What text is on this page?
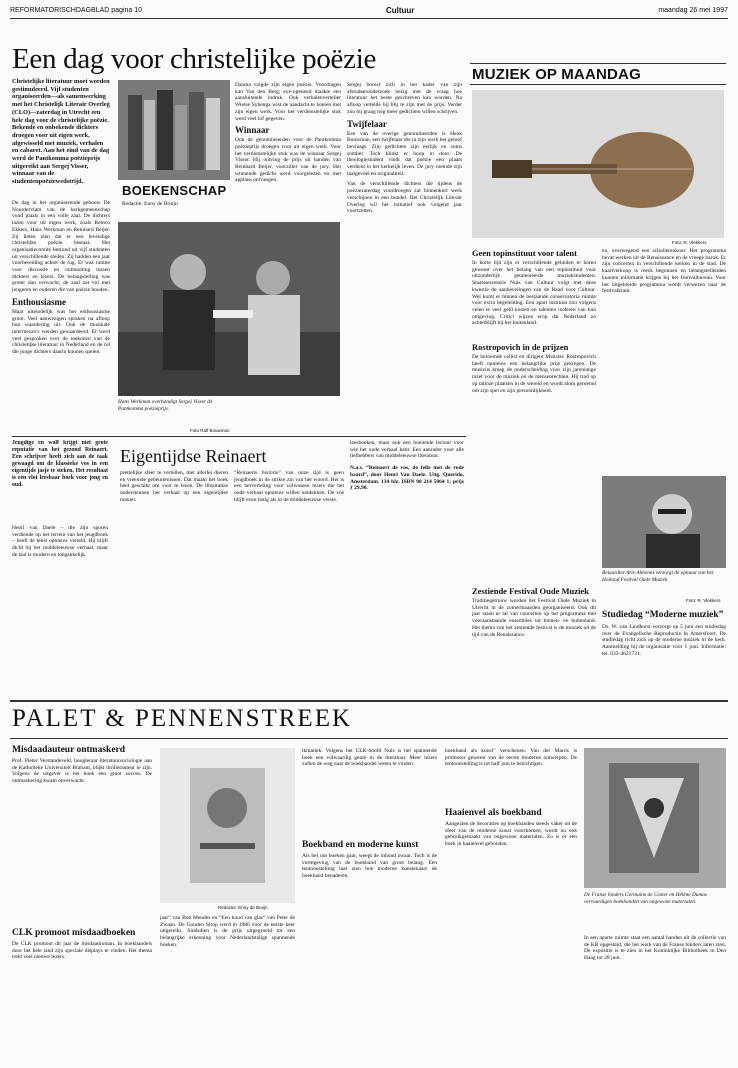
REFORMATORISCHDAGBLAD pagina 10	Cultuur	maandag 26 mei 1997
Een dag voor christelijke poëzie

Christelijke literatuur moet worden gestimuleerd. Vijf studenten organiseerden—als samenwerking met het Christelijk Literair Overleg (CLO)—zaterdag in Utrecht een hele dag voor de christelijke poëzie. Bekende en onbekende dichters droegen voor uit eigen werk, afgewisseld met muziek, verhalen en cabaret. Aan het eind van de dag werd de Pantkomma poëzieprijs uitgereikt aan Sergej Visser, winnaar van de studentenpoëziewedstrijd.

De dag in het organiserende gebouw De Noordervlam van de kerkgemeenschap vond plaats in een volle zaal. De dichters lazen voor uit eigen werk, zoals Remco Ekkers, Hans Werkman en Reinhard Beijer. Zij lieten zien dat er een levendige christelijke poëzie bestaat. Het organisatiecomité bestond uit vijf studenten uit verschillende steden. Zij hadden een jaar voorbereiding achter de rug. Er was ruimte voor discussie en ontmoeting tussen dichters en lezers. De belangstelling was groter dan verwacht; de zaal zat vol met jongeren en ouderen die van poëzie houden.
Enthousiasme
Maar uiteindelijk was het enthousiasme groot. Veel aanwezigen spraken na afloop hun waardering uit. Ook de muzikale intermezzo's werden gewaardeerd. Er werd veel gesproken over de toekomst van de christelijke literatuur in Nederland en de rol die jonge dichters daarin kunnen spelen.
BOEKENSCHAP
Redactie: Enny de Bruijn
Daarna volgde zijn eigen poëzie. Voordragen kan Van den Berg; eye-openend maakte een aansluitende indruk. Ook verhalenverteller Wietse Sybenga wist de aandacht te boeien met zijn eigen werk. Voor het verdienstelijke stuk werd veel lof gegeven.
Winnaar
Ook de genomineerden voor de Pantkomma poëzieprijs droegen voor uit eigen werk. Voor het verdienstelijke stuk was de winnaar Sergej Visser. Hij ontving de prijs uit handen van Reinhard Beijer, voorzitter van de jury. Het winnende gedicht werd voorgelezen en met applaus ontvangen.
Sergej bouwt zich in het kader van zijn afstudeeronderzoek bezig met de vraag hoe literatuur het beste geschreven kan worden. Na afloop vertelde hij blij te zijn met de prijs. Verder zou hij graag nog meer gedichten willen schrijven.
Twijfelaar
Een van de overige genomineerden is Henk Bouwman, een twijfelaar die in zijn werk het geloof bevraagt. Zijn gedichten zijn eerlijk en soms somber. Toch klinkt er hoop in door. De theologiestudent vindt dat poëzie een plaats verdient in het kerkelijk leven. De jury roemde zijn taalgevoel en originaliteit.

Van de verschillende dichters die tijdens de poëziezaterdag voordroegen zal binnenkort werk verschijnen in een bundel. Het Christelijk Literair Overleg wil het initiatief ook volgend jaar voortzetten.

Hans Werkman overhandigt Sergej Visser de Pantkomma poëzieprijs.

Foto Ralf Bouwman
MUZIEK OP MAANDAG
Foto: R. Vlekkers
Geen topinstituut voor talent
In korte tijd zijn er verschillende geluiden te horen geweest over het belang van een topinstituut voor uitzonderlijk getalenteerde muziekstudenten. Staatssecretaris Nuis van Cultuur volgt met deze kwestie de aanbevelingen van de Raad voor Cultuur. Wel komt er binnen de bestaande conservatoria ruimte voor extra begeleiding. Een apart instituut zou volgens velen te veel geld kosten en talenten isoleren van hun omgeving. Critici wijzen erop dat Nederland zo achterblijft bij het buitenland.
Rostropovich in de prijzen
De beroemde cellist en dirigent Mstislav Rostropovich heeft opnieuw een belangrijke prijs gekregen. De musicus kreeg de onderscheiding voor zijn jarenlange inzet voor de muziek en de mensenrechten. Hij trad op op talloze plaatsen in de wereld en wordt alom geroemd om zijn spel en zijn persoonlijkheid.
Zestiende Festival Oude Muziek
Traditiegetrouw worden het Festival Oude Muziek in Utrecht in de zomermaanden georganiseerd. Ook dit jaar staan er tal van concerten op het programma met vooraanstaande ensembles uit binnen- en buitenland. Het thema van het zestiende festival is de muziek uit de tijd van de Renaissance.
en, overwegend een scholierenkoor. Het programma bevat werken uit de Renaissance en de vroege barok. Er zijn concerten in verschillende kerken in de stad. De kaartverkoop is reeds begonnen en belangstellenden kunnen informatie krijgen bij het festivalbureau. Voor het uitgebreide programma wordt verwezen naar de festivalkrant.

Beiaardier Arie Abbenes verzorgt de opmaat van het Holland Festival Oude Muziek.

Foto: R. Vlekkers
Studiedag “Moderne muziek”
Ds. W. van Lindhorst verzorgt op 5 juni een studiedag over de Evangelische Reproductie in Amersfoort. De studiedag richt zich op de moderne muziek in de kerk. Aanmelding bij de organisatie voor 1 juni. Informatie: tel. 033-4621731.

Jeugdige en wolf krijgt niet grote reputatie van het gezond Reinaert. Een schrijver heeft zich aan de taak gewaagd om de klassieke vos in een eigentijds jasje te steken. Het resultaat is een vlot leesbaar boek voor jong en oud.

Eigentijdse Reinaert
Henri van Daele – die zijn sporen verdiende op het terrein van het jeugdboek – heeft de tekst opnieuw verteld. Hij blijft dicht bij het middeleeuwse verhaal, maar de taal is modern en toegankelijk.
prettelijke sfeer te vertellen, met allerlei dieren en vreemde gebeurtenissen. Dat maakt het boek heel geschikt om voor te lezen. De illustraties ondersteunen het verhaal op een eigentijdse manier.
“Reinaerts historie” van onze tijd is geen jeugdboek in de strikte zin van het woord. Het is een herverteling voor volwassen lezers die het oude verhaal opnieuw willen ontdekken. De vos blijft even listig als in de middeleeuwse versie.
leesboeken, maar ook een boeiende lectuur voor wie het oude verhaal kent. Een aanrader voor alle liefhebbers van middeleeuwse literatuur.

N.a.v. “Reinaert de vos, de felle met de rode baard”, door Henri Van Daele. Uitg. Querido, Amsterdam. 134 blz. ISBN 90 214 5064 1; prijs ƒ 29,90.

PALET & PENNENSTREEK
Misdaadauteur ontmaskerd
Prof. Pieter Verstandeveld, hoogleraar literatuursociologie aan de Katholieke Universiteit Brabant, blijkt thrillerauteur te zijn. Volgens de uitgever is het boek een groot succes. De ontmaskering kwam onverwacht.
CLK promoot misdaadboeken
De CLK promoot dit jaar de misdaadroman. In boekhandels door het hele land zijn speciale displays te vinden. Het thema trekt veel nieuwe lezers.
Redactie: Enny de Bruijn
jaar” van Bob Mendes en “Een koud van glas” van Peter de Zwaan. De Gouden Strop werd in 1986 voor de eerste keer uitgereikt. Sindsdien is de prijs uitgegroeid tot een belangrijke erkenning voor Nederlandstalige spannende boeken.
tkmatiek. Volgens het CLK-hoofd Nuis is het spannende boek een volwaardig genre in de literatuur. Meer lezers zullen de weg naar de boekhandel weten te vinden.
Boekband en moderne kunst
Als het om boeken gaat, weegt de inhoud zwaar. Toch is de vormgeving van de boekband van groot belang. Een tentoonstelling laat zien hoe moderne kunstenaars de boekband benaderen.
boekband als kunst” verschenen. Van der Marck is promotor geweest van de eerste moderne ontwerpen. De tentoonstelling is tot half juni te bezichtigen.
Haaienvel als boekband
Aangezien de decoraties op boekbanden steeds vaker uit de sfeer van de moderne kunst voortkomen, wordt nu ook gebruikgemaakt van ongewone materialen. Zo is er een boek in haaienvel gebonden.

De Franse binders Germaine de Coster en Hélène Dumas vervaardigen boekbanden van ongewone materialen.

In een aparte ruimte staat een aantal banden uit de collectie van de KB opgesteld, die het werk van de Franse binders laten zien. De expositie is te zien in het Koninklijke Bibliotheek in Den Haag tot 28 juni.
